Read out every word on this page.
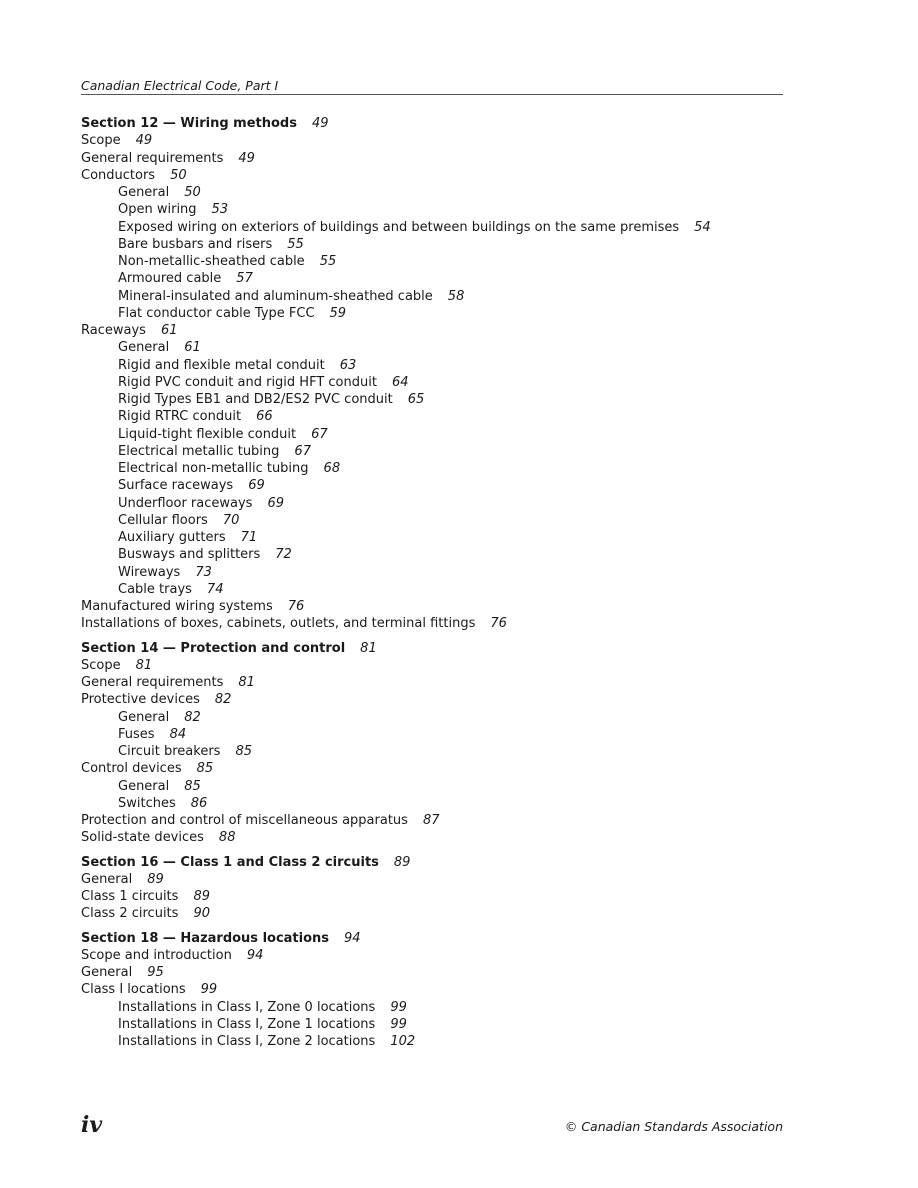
Canadian Electrical Code, Part I
Section 12 — Wiring methods 49
Scope 49
General requirements 49
Conductors 50
General 50
Open wiring 53
Exposed wiring on exteriors of buildings and between buildings on the same premises 54
Bare busbars and risers 55
Non-metallic-sheathed cable 55
Armoured cable 57
Mineral-insulated and aluminum-sheathed cable 58
Flat conductor cable Type FCC 59
Raceways 61
General 61
Rigid and flexible metal conduit 63
Rigid PVC conduit and rigid HFT conduit 64
Rigid Types EB1 and DB2/ES2 PVC conduit 65
Rigid RTRC conduit 66
Liquid-tight flexible conduit 67
Electrical metallic tubing 67
Electrical non-metallic tubing 68
Surface raceways 69
Underfloor raceways 69
Cellular floors 70
Auxiliary gutters 71
Busways and splitters 72
Wireways 73
Cable trays 74
Manufactured wiring systems 76
Installations of boxes, cabinets, outlets, and terminal fittings 76
Section 14 — Protection and control 81
Scope 81
General requirements 81
Protective devices 82
General 82
Fuses 84
Circuit breakers 85
Control devices 85
General 85
Switches 86
Protection and control of miscellaneous apparatus 87
Solid-state devices 88
Section 16 — Class 1 and Class 2 circuits 89
General 89
Class 1 circuits 89
Class 2 circuits 90
Section 18 — Hazardous locations 94
Scope and introduction 94
General 95
Class I locations 99
Installations in Class I, Zone 0 locations 99
Installations in Class I, Zone 1 locations 99
Installations in Class I, Zone 2 locations 102
iv	© Canadian Standards Association
